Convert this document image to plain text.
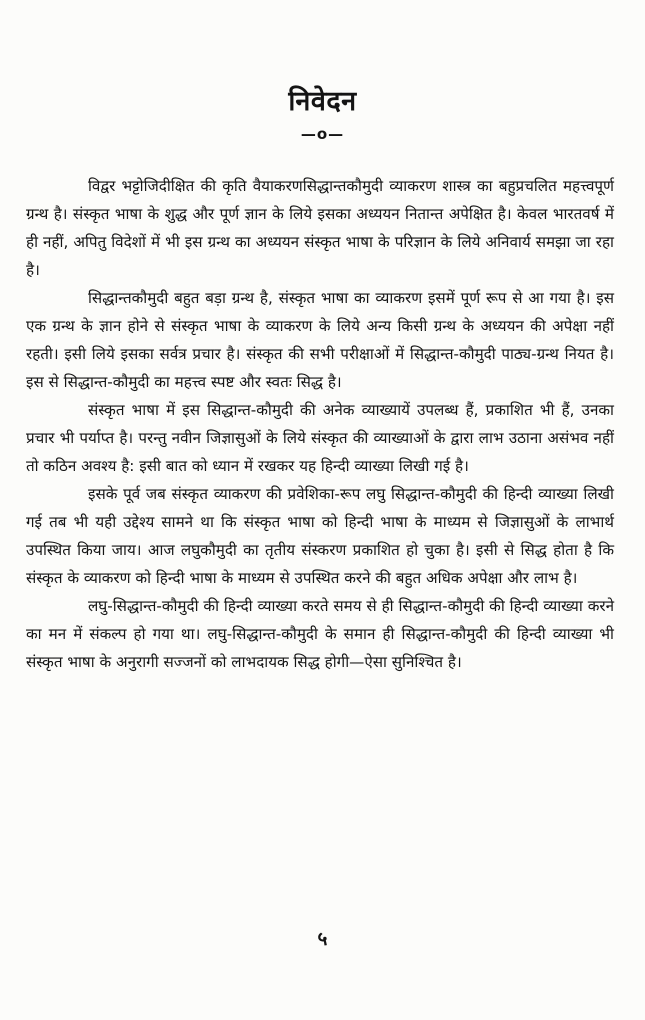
निवेदन
—o—

विद्वर भट्टोजिदीक्षित की कृति वैयाकरणसिद्धान्तकौमुदी व्याकरण शास्त्र का बहुप्रचलित महत्त्वपूर्ण ग्रन्थ है। संस्कृत भाषा के शुद्ध और पूर्ण ज्ञान के लिये इसका अध्ययन नितान्त अपेक्षित है। केवल भारतवर्ष में ही नहीं, अपितु विदेशों में भी इस ग्रन्थ का अध्ययन संस्कृत भाषा के परिज्ञान के लिये अनिवार्य समझा जा रहा है।

सिद्धान्तकौमुदी बहुत बड़ा ग्रन्थ है, संस्कृत भाषा का व्याकरण इसमें पूर्ण रूप से आ गया है। इस एक ग्रन्थ के ज्ञान होने से संस्कृत भाषा के व्याकरण के लिये अन्य किसी ग्रन्थ के अध्ययन की अपेक्षा नहीं रहती। इसी लिये इसका सर्वत्र प्रचार है। संस्कृत की सभी परीक्षाओं में सिद्धान्त-कौमुदी पाठ्य-ग्रन्थ नियत है। इस से सिद्धान्त-कौमुदी का महत्त्व स्पष्ट और स्वतः सिद्ध है।

संस्कृत भाषा में इस सिद्धान्त-कौमुदी की अनेक व्याख्यायें उपलब्ध हैं, प्रकाशित भी हैं, उनका प्रचार भी पर्याप्त है। परन्तु नवीन जिज्ञासुओं के लिये संस्कृत की व्याख्याओं के द्वारा लाभ उठाना असंभव नहीं तो कठिन अवश्य है: इसी बात को ध्यान में रखकर यह हिन्दी व्याख्या लिखी गई है।

इसके पूर्व जब संस्कृत व्याकरण की प्रवेशिका-रूप लघु सिद्धान्त-कौमुदी की हिन्दी व्याख्या लिखी गई तब भी यही उद्देश्य सामने था कि संस्कृत भाषा को हिन्दी भाषा के माध्यम से जिज्ञासुओं के लाभार्थ उपस्थित किया जाय। आज लघुकौमुदी का तृतीय संस्करण प्रकाशित हो चुका है। इसी से सिद्ध होता है कि संस्कृत के व्याकरण को हिन्दी भाषा के माध्यम से उपस्थित करने की बहुत अधिक अपेक्षा और लाभ है।

लघु-सिद्धान्त-कौमुदी की हिन्दी व्याख्या करते समय से ही सिद्धान्त-कौमुदी की हिन्दी व्याख्या करने का मन में संकल्प हो गया था। लघु-सिद्धान्त-कौमुदी के समान ही सिद्धान्त-कौमुदी की हिन्दी व्याख्या भी संस्कृत भाषा के अनुरागी सज्जनों को लाभदायक सिद्ध होगी—ऐसा सुनिश्चित है।

५
